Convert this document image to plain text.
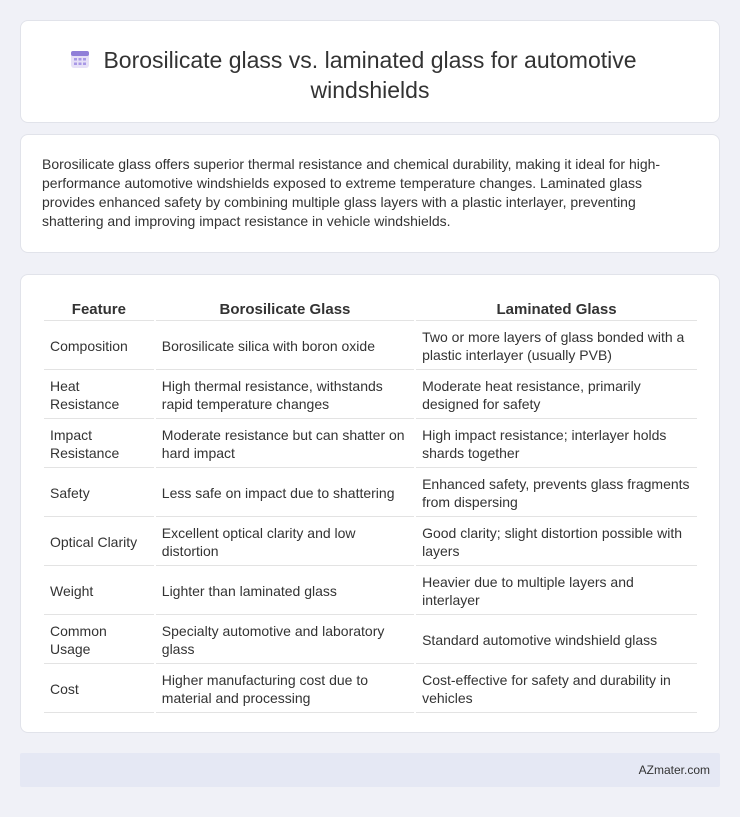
Borosilicate glass vs. laminated glass for automotive windshields

Borosilicate glass offers superior thermal resistance and chemical durability, making it ideal for high-performance automotive windshields exposed to extreme temperature changes. Laminated glass provides enhanced safety by combining multiple glass layers with a plastic interlayer, preventing shattering and improving impact resistance in vehicle windshields.

Feature	Borosilicate Glass	Laminated Glass
Composition	Borosilicate silica with boron oxide	Two or more layers of glass bonded with a plastic interlayer (usually PVB)
Heat Resistance	High thermal resistance, withstands rapid temperature changes	Moderate heat resistance, primarily designed for safety
Impact Resistance	Moderate resistance but can shatter on hard impact	High impact resistance; interlayer holds shards together
Safety	Less safe on impact due to shattering	Enhanced safety, prevents glass fragments from dispersing
Optical Clarity	Excellent optical clarity and low distortion	Good clarity; slight distortion possible with layers
Weight	Lighter than laminated glass	Heavier due to multiple layers and interlayer
Common Usage	Specialty automotive and laboratory glass	Standard automotive windshield glass
Cost	Higher manufacturing cost due to material and processing	Cost-effective for safety and durability in vehicles
AZmater.com
